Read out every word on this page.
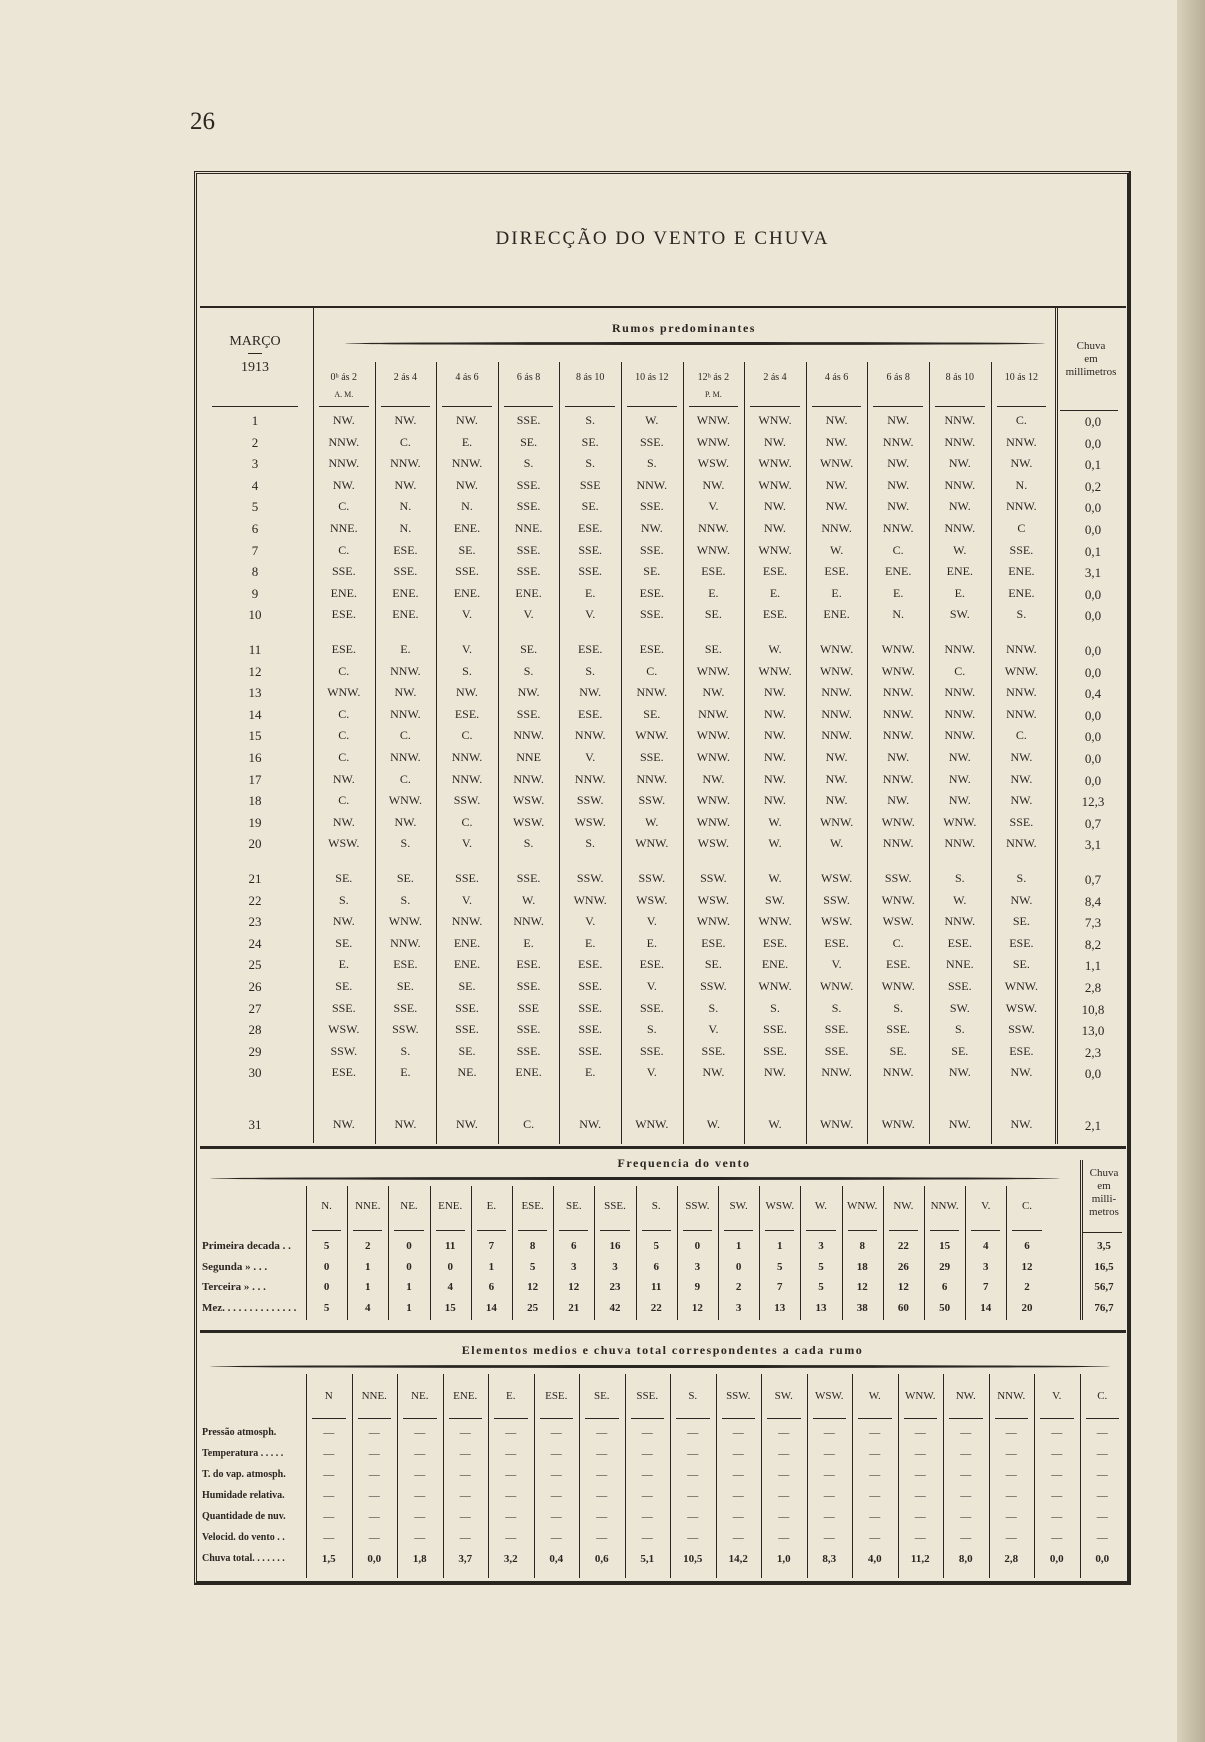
26
DIRECÇÃO DO VENTO E CHUVA
Rumos predominantes
MARÇO
1913
0ʰ ás 2
A. M.
2 ás 4	4 ás 6	6 ás 8	8 ás 10	10 ás 12	12ʰ ás 2
P. M.
2 ás 4	4 ás 6	6 ás 8	8 ás 10	10 ás 12
Chuva
em
millimetros
1	NW.	NW.	NW.	SSE.	S.	W.	WNW.	WNW.	NW.	NW.	NNW.	C.	0,0
2	NNW.	C.	E.	SE.	SE.	SSE.	WNW.	NW.	NW.	NNW.	NNW.	NNW.	0,0
3	NNW.	NNW.	NNW.	S.	S.	S.	WSW.	WNW.	WNW.	NW.	NW.	NW.	0,1
4	NW.	NW.	NW.	SSE.	SSE	NNW.	NW.	WNW.	NW.	NW.	NNW.	N.	0,2
5	C.	N.	N.	SSE.	SE.	SSE.	V.	NW.	NW.	NW.	NW.	NNW.	0,0
6	NNE.	N.	ENE.	NNE.	ESE.	NW.	NNW.	NW.	NNW.	NNW.	NNW.	C	0,0
7	C.	ESE.	SE.	SSE.	SSE.	SSE.	WNW.	WNW.	W.	C.	W.	SSE.	0,1
8	SSE.	SSE.	SSE.	SSE.	SSE.	SE.	ESE.	ESE.	ESE.	ENE.	ENE.	ENE.	3,1
9	ENE.	ENE.	ENE.	ENE.	E.	ESE.	E.	E.	E.	E.	E.	ENE.	0,0
10	ESE.	ENE.	V.	V.	V.	SSE.	SE.	ESE.	ENE.	N.	SW.	S.	0,0
11	ESE.	E.	V.	SE.	ESE.	ESE.	SE.	W.	WNW.	WNW.	NNW.	NNW.	0,0
12	C.	NNW.	S.	S.	S.	C.	WNW.	WNW.	WNW.	WNW.	C.	WNW.	0,0
13	WNW.	NW.	NW.	NW.	NW.	NNW.	NW.	NW.	NNW.	NNW.	NNW.	NNW.	0,4
14	C.	NNW.	ESE.	SSE.	ESE.	SE.	NNW.	NW.	NNW.	NNW.	NNW.	NNW.	0,0
15	C.	C.	C.	NNW.	NNW.	WNW.	WNW.	NW.	NNW.	NNW.	NNW.	C.	0,0
16	C.	NNW.	NNW.	NNE	V.	SSE.	WNW.	NW.	NW.	NW.	NW.	NW.	0,0
17	NW.	C.	NNW.	NNW.	NNW.	NNW.	NW.	NW.	NW.	NNW.	NW.	NW.	0,0
18	C.	WNW.	SSW.	WSW.	SSW.	SSW.	WNW.	NW.	NW.	NW.	NW.	NW.	12,3
19	NW.	NW.	C.	WSW.	WSW.	W.	WNW.	W.	WNW.	WNW.	WNW.	SSE.	0,7
20	WSW.	S.	V.	S.	S.	WNW.	WSW.	W.	W.	NNW.	NNW.	NNW.	3,1
21	SE.	SE.	SSE.	SSE.	SSW.	SSW.	SSW.	W.	WSW.	SSW.	S.	S.	0,7
22	S.	S.	V.	W.	WNW.	WSW.	WSW.	SW.	SSW.	WNW.	W.	NW.	8,4
23	NW.	WNW.	NNW.	NNW.	V.	V.	WNW.	WNW.	WSW.	WSW.	NNW.	SE.	7,3
24	SE.	NNW.	ENE.	E.	E.	E.	ESE.	ESE.	ESE.	C.	ESE.	ESE.	8,2
25	E.	ESE.	ENE.	ESE.	ESE.	ESE.	SE.	ENE.	V.	ESE.	NNE.	SE.	1,1
26	SE.	SE.	SE.	SSE.	SSE.	V.	SSW.	WNW.	WNW.	WNW.	SSE.	WNW.	2,8
27	SSE.	SSE.	SSE.	SSE	SSE.	SSE.	S.	S.	S.	S.	SW.	WSW.	10,8
28	WSW.	SSW.	SSE.	SSE.	SSE.	S.	V.	SSE.	SSE.	SSE.	S.	SSW.	13,0
29	SSW.	S.	SE.	SSE.	SSE.	SSE.	SSE.	SSE.	SSE.	SE.	SE.	ESE.	2,3
30	ESE.	E.	NE.	ENE.	E.	V.	NW.	NW.	NNW.	NNW.	NW.	NW.	0,0
31	NW.	NW.	NW.	C.	NW.	WNW.	W.	W.	WNW.	WNW.	NW.	NW.	2,1
Frequencia do vento
N.	NNE.	NE.	ENE.	E.	ESE.	SE.	SSE.	S.	SSW.	SW.	WSW.	W.	WNW.	NW.	NNW.	V.	C.
Chuva
em
milli-
metros
Primeira decada . .	5	2	0	11	7	8	6	16	5	0	1	1	3	8	22	15	4	6	3,5
Segunda » . . .	0	1	0	0	1	5	3	3	6	3	0	5	5	18	26	29	3	12	16,5
Terceira » . . .	0	1	1	4	6	12	12	23	11	9	2	7	5	12	12	6	7	2	56,7
Mez. . . . . . . . . . . . . .	5	4	1	15	14	25	21	42	22	12	3	13	13	38	60	50	14	20	76,7
Elementos medios e chuva total correspondentes a cada rumo
N	NNE.	NE.	ENE.	E.	ESE.	SE.	SSE.	S.	SSW.	SW.	WSW.	W.	WNW.	NW.	NNW.	V.	C.
Pressão atmosph.	—	—	—	—	—	—	—	—	—	—	—	—	—	—	—	—	—	—
Temperatura . . . . .	—	—	—	—	—	—	—	—	—	—	—	—	—	—	—	—	—	—
T. do vap. atmosph.	—	—	—	—	—	—	—	—	—	—	—	—	—	—	—	—	—	—
Humidade relativa.	—	—	—	—	—	—	—	—	—	—	—	—	—	—	—	—	—	—
Quantidade de nuv.	—	—	—	—	—	—	—	—	—	—	—	—	—	—	—	—	—	—
Velocid. do vento . .	—	—	—	—	—	—	—	—	—	—	—	—	—	—	—	—	—	—
Chuva total. . . . . . .	1,5	0,0	1,8	3,7	3,2	0,4	0,6	5,1	10,5	14,2	1,0	8,3	4,0	11,2	8,0	2,8	0,0	0,0
